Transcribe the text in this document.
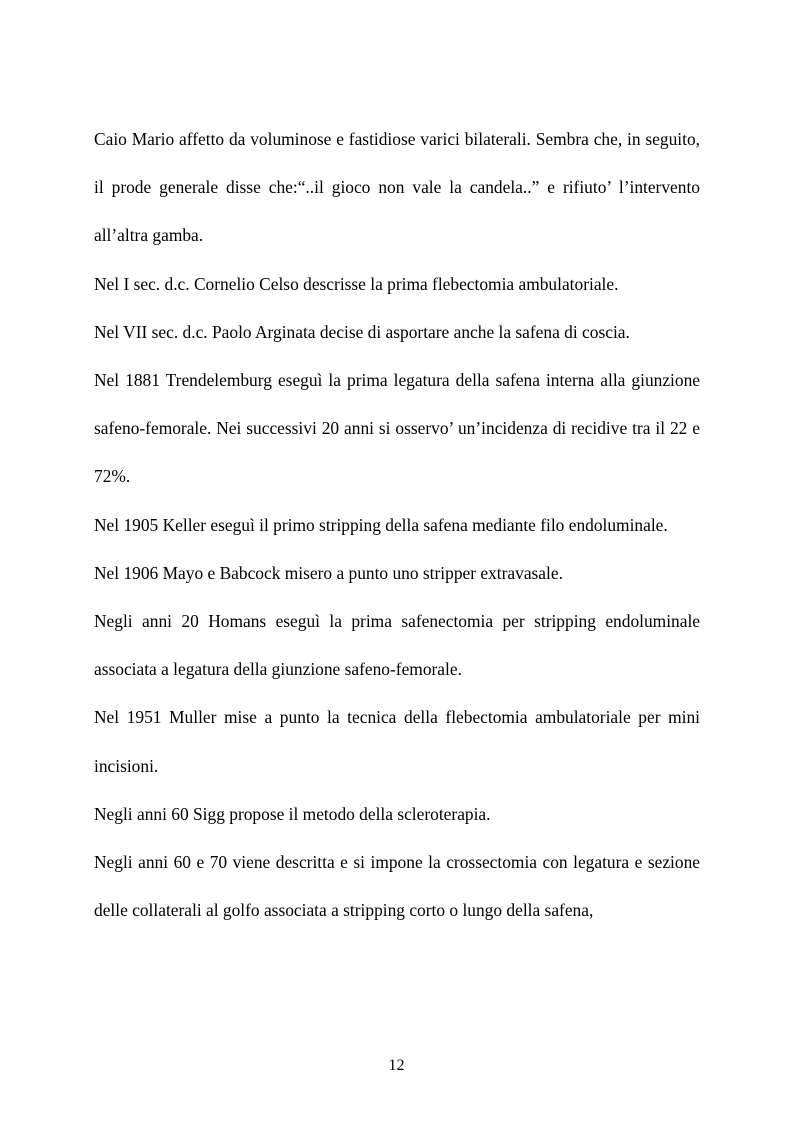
Caio Mario affetto da voluminose e fastidiose varici bilaterali. Sembra che, in seguito, il prode generale disse che:“..il gioco non vale la candela..” e rifiuto’ l’intervento all’altra gamba.

Nel I sec. d.c. Cornelio Celso descrisse la prima flebectomia ambulatoriale.

Nel VII sec. d.c. Paolo Arginata decise di asportare anche la safena di coscia.

Nel 1881 Trendelemburg eseguì la prima legatura della safena interna alla giunzione safeno-femorale. Nei successivi 20 anni si osservo’ un’incidenza di recidive tra il 22 e 72%.

Nel 1905 Keller eseguì il primo stripping della safena mediante filo endoluminale.

Nel 1906 Mayo e Babcock misero a punto uno stripper extravasale.

Negli anni 20 Homans eseguì la prima safenectomia per stripping endoluminale associata a legatura della giunzione safeno-femorale.

Nel 1951 Muller mise a punto la tecnica della flebectomia ambulatoriale per mini incisioni.

Negli anni 60 Sigg propose il metodo della scleroterapia.

Negli anni 60 e 70 viene descritta e si impone la crossectomia con legatura e sezione delle collaterali al golfo associata a stripping corto o lungo della safena,

12
